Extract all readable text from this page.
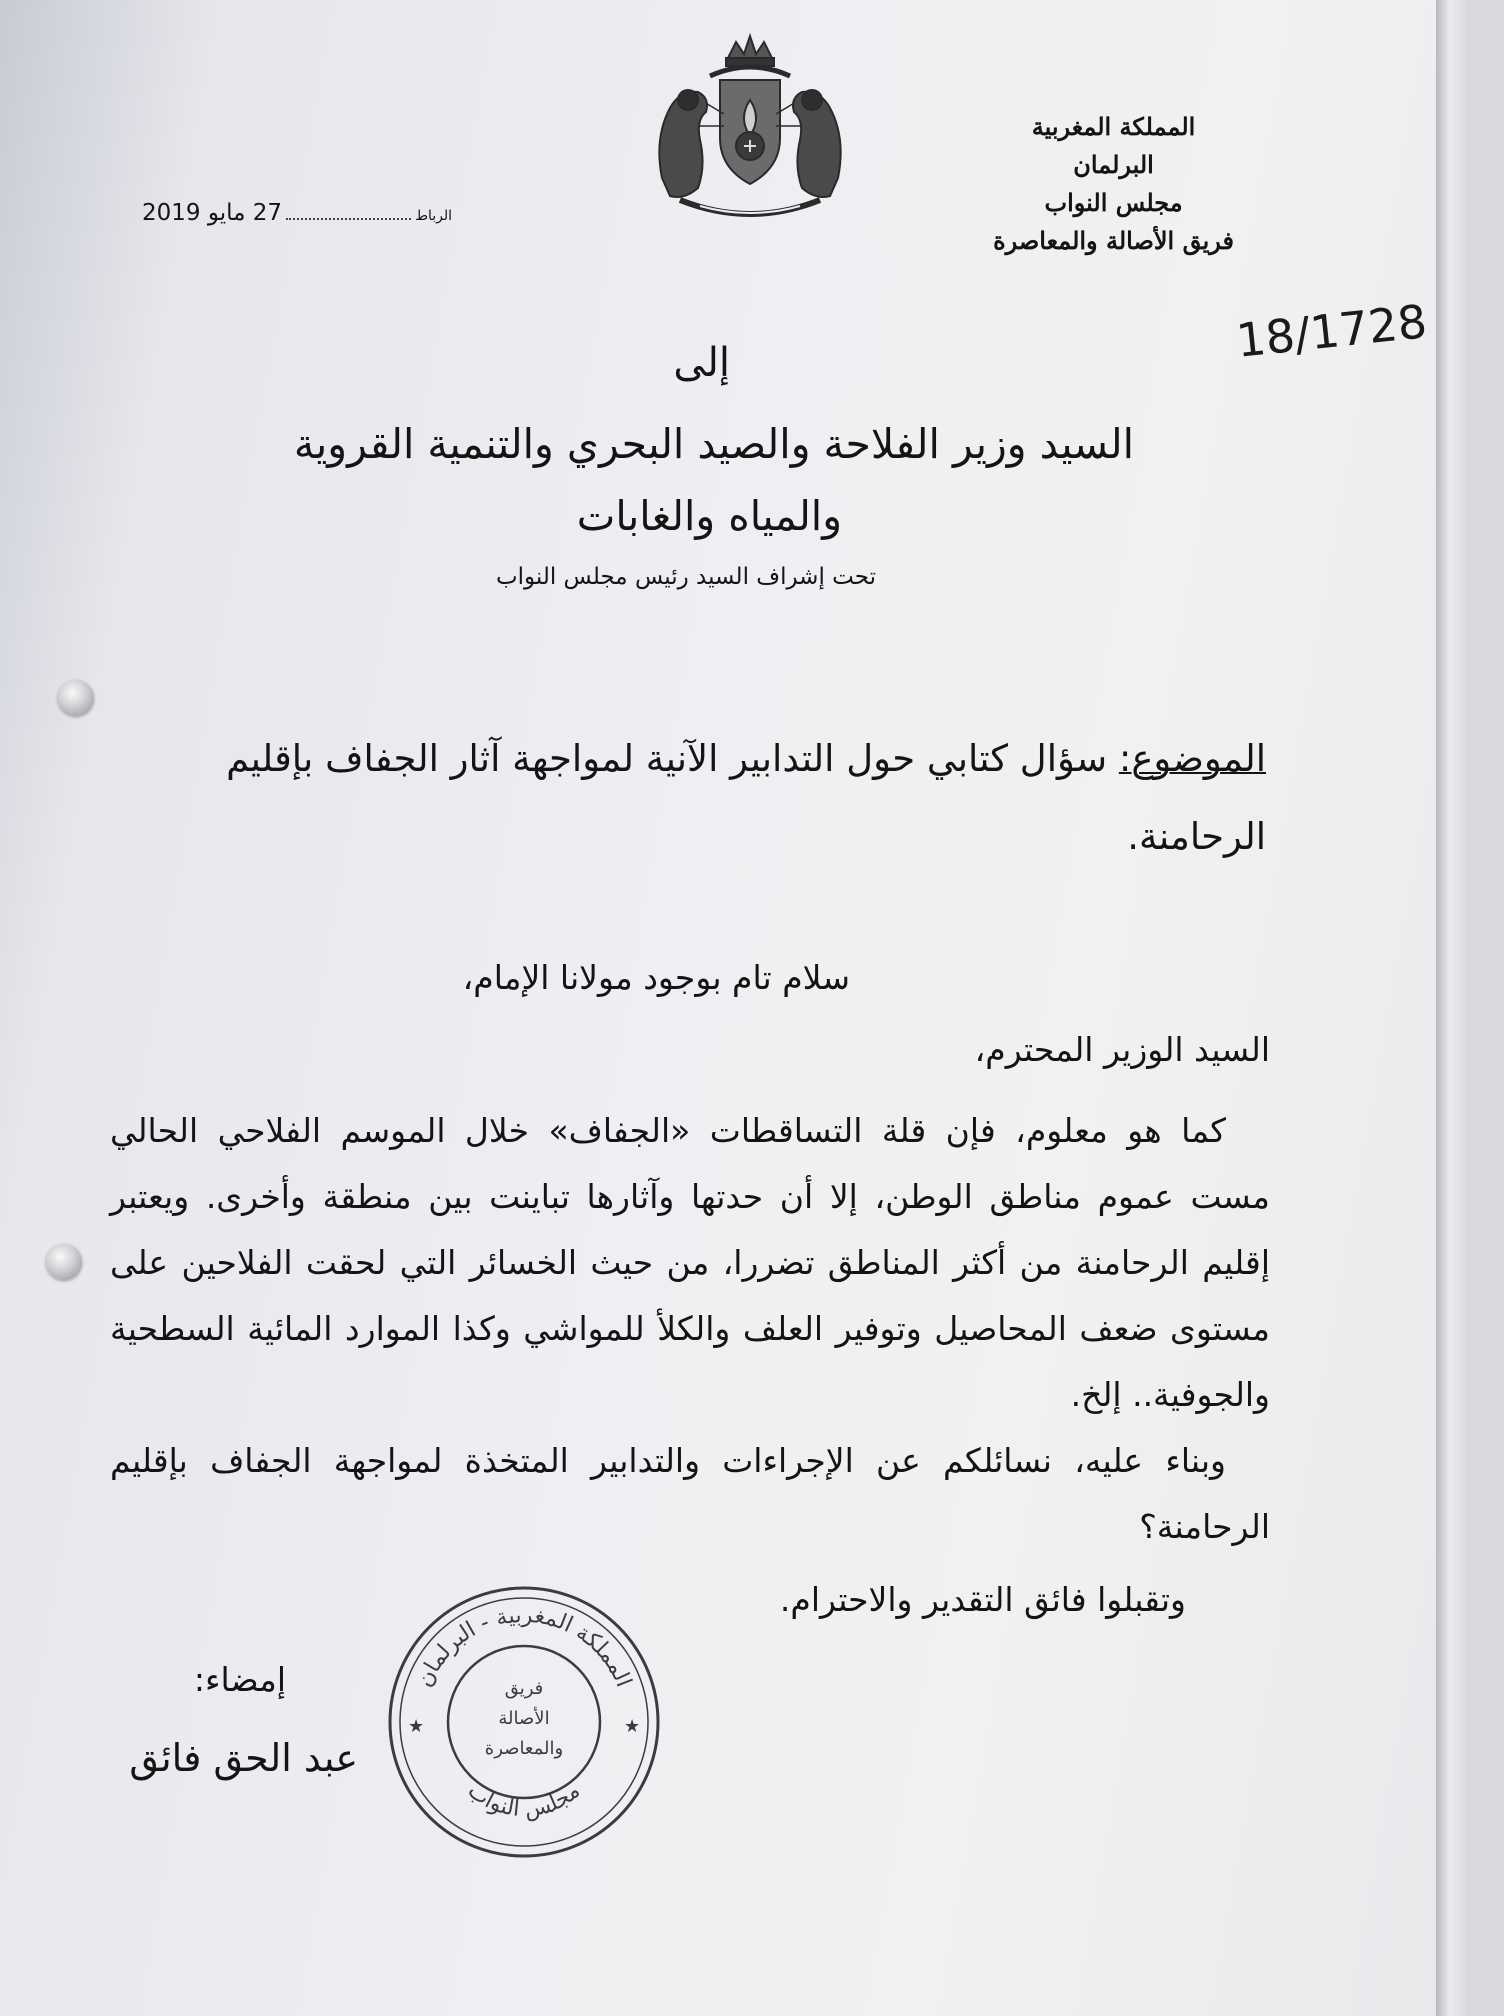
المملكة المغربية
البرلمان
مجلس النواب
فريق الأصالة والمعاصرة
الرباط27 مايو 2019
18/1728
إلى
السيد وزير الفلاحة والصيد البحري والتنمية القروية
والمياه والغابات
تحت إشراف السيد رئيس مجلس النواب
الموضوع: سؤال كتابي حول التدابير الآنية لمواجهة آثار الجفاف بإقليم الرحامنة.
سلام تام بوجود مولانا الإمام،
السيد الوزير المحترم،

كما هو معلوم، فإن قلة التساقطات «الجفاف» خلال الموسم الفلاحي الحالي مست عموم مناطق الوطن، إلا أن حدتها وآثارها تباينت بين منطقة وأخرى. ويعتبر إقليم الرحامنة من أكثر المناطق تضررا، من حيث الخسائر التي لحقت الفلاحين على مستوى ضعف المحاصيل وتوفير العلف والكلأ للمواشي وكذا الموارد المائية السطحية والجوفية.. إلخ.

وبناء عليه، نسائلكم عن الإجراءات والتدابير المتخذة لمواجهة الجفاف بإقليم الرحامنة؟

وتقبلوا فائق التقدير والاحترام.
إمضاء:
عبد الحق فائق
المملكة المغربية - البرلمان
مجلس النواب
★	★
فريق
الأصالة
والمعاصرة
